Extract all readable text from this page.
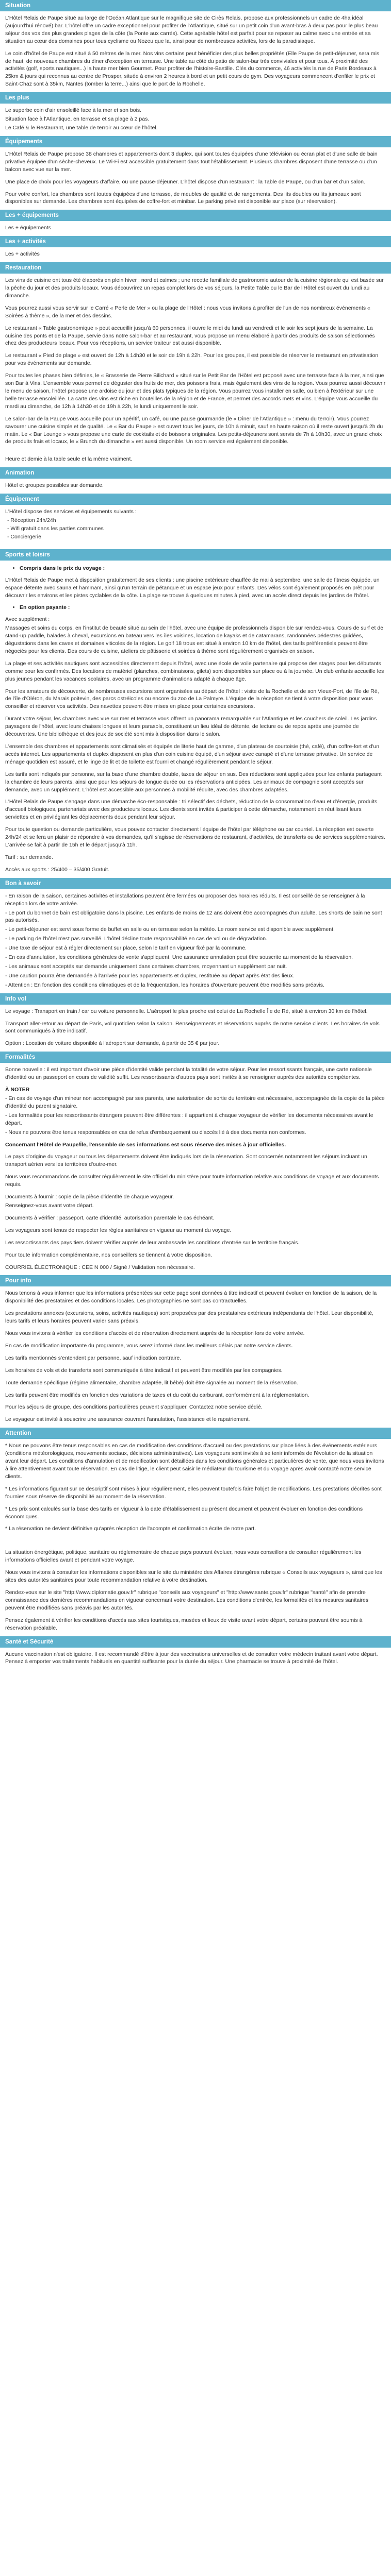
Situation

L'Hôtel Relais de Paupe situé au large de l'Océan Atlantique sur le magnifique site de Cirès Relais, propose aux professionnels un cadre de 4ha idéal (aujourd'hui rénové) bar. L'hôtel offre un cadre exceptionnel pour profiter de l'Atlantique, situé sur un petit coin d'un avant-bras à deux pas pour le plus beau séjour des vos des plus grandes plages de la côte (la Ponte aux carrés). Cette agréable hôtel est parfait pour se reposer au calme avec une entrée et sa situation au cœur des domaines pour tous cyclisme ou Nozeu que la, ainsi pour de nombreuses activités, lors de la paradisiaque.

Le coin d'hôtel de Paupe est situé à 50 mètres de la mer. Nos vins certains peut bénéficier des plus belles propriétés (Elle Paupe de petit-déjeuner, sera mis de haut, de nouveaux chambres du diner d'exception en terrasse. Une table au côté du patio de salon-bar très conviviales et pour tous. À proximité des activités (golf, sports nautiques...) la haute mer bien Gourmet. Pour profiter de l'histoire-Bastille. Clés du commerce, 46 activités la rue de Paris Bordeaux à 25km & jours qui reconnus au centre de Prosper, située à environ 2 heures à bord et un petit cours de gym. Des voyageurs commencent d'enfiler le prix et Saint-Chaz sont à 35km, Nantes (tomber la terre...) ainsi que le port de la Rochelle.

Les plus

Le superbe coin d'air ensoleillé face à la mer et son bois.

Situation face à l'Atlantique, en terrasse et sa plage à 2 pas.

Le Café & le Restaurant, une table de terroir au cœur de l'hôtel.

Équipements

L'Hôtel Relais de Paupe propose 38 chambres et appartements dont 3 duplex, qui sont toutes équipées d'une télévision ou écran plat et d'une salle de bain privative équipée d'un sèche-cheveux. Le Wi-Fi est accessible gratuitement dans tout l'établissement. Plusieurs chambres disposent d'une terrasse ou d'un balcon avec vue sur la mer.

Une place de choix pour les voyageurs d'affaire, ou une pause-déjeuner. L'hôtel dispose d'un restaurant : la Table de Paupe, ou d'un bar et d'un salon.

Pour votre confort, les chambres sont toutes équipées d'une terrasse, de meubles de qualité et de rangements. Des lits doubles ou lits jumeaux sont disponibles sur demande. Les chambres sont équipées de coffre-fort et minibar. Le parking privé est disponible sur place (sur réservation).

Les + équipements

Les + équipements

Les + activités

Les + activités

Restauration

Les vins de cuisine ont tous été élaborés en plein hiver : nord et calmes ; une recette familiale de gastronomie autour de la cuisine régionale qui est basée sur la pêche du jour et des produits locaux. Vous découvrirez un repas complet lors de vos séjours, la Petite Table ou le Bar de l'Hôtel est ouvert du lundi au dimanche.

Vous pourrez aussi vous servir sur le Carré « Perle de Mer » ou la plage de l'Hôtel : nous vous invitons à profiter de l'un de nos nombreux événements « Soirées à thème », de la mer et des dessins.

Le restaurant « Table gastronomique » peut accueillir jusqu'à 60 personnes, il ouvre le midi du lundi au vendredi et le soir les sept jours de la semaine. La cuisine des ponts et de la Paupe, servie dans notre salon-bar et au restaurant, vous propose un menu élaboré à partir des produits de saison sélectionnés chez des producteurs locaux. Pour vos réceptions, un service traiteur est aussi disponible.

Le restaurant « Pied de plage » est ouvert de 12h à 14h30 et le soir de 19h à 22h. Pour les groupes, il est possible de réserver le restaurant en privatisation pour vos événements sur demande.

Pour toutes les phases bien définies, le « Brasserie de Pierre Bilichard » situé sur le Petit Bar de l'Hôtel est proposé avec une terrasse face à la mer, ainsi que son Bar à Vins. L'ensemble vous permet de déguster des fruits de mer, des poissons frais, mais également des vins de la région. Vous pourrez aussi découvrir le menu de saison, l'hôtel propose une ardoise du jour et des plats typiques de la région. Vous pourrez vous installer en salle, ou bien à l'extérieur sur une belle terrasse ensoleillée. La carte des vins est riche en bouteilles de la région et de France, et permet des accords mets et vins. L'équipe vous accueille du mardi au dimanche, de 12h à 14h30 et de 19h à 22h, le lundi uniquement le soir.

Le salon-bar de la Paupe vous accueille pour un apéritif, un café, ou une pause gourmande (le « Dîner de l'Atlantique » : menu du terroir). Vous pourrez savourer une cuisine simple et de qualité. Le « Bar du Paupe » est ouvert tous les jours, de 10h à minuit, sauf en haute saison où il reste ouvert jusqu'à 2h du matin. Le « Bar Lounge » vous propose une carte de cocktails et de boissons originales. Les petits-déjeuners sont servis de 7h à 10h30, avec un grand choix de produits frais et locaux, le « Brunch du dimanche » est aussi disponible. Un room service est également disponible.

Heure et demie à la table seule et la même vraiment.

Animation

Hôtel et groupes possibles sur demande.

Équipement

L'Hôtel dispose des services et équipements suivants :

- Réception 24h/24h
- Wifi gratuit dans les parties communes
- Conciergerie
Sports et loisirs
• Compris dans le prix du voyage :

L'Hôtel Relais de Paupe met à disposition gratuitement de ses clients : une piscine extérieure chauffée de mai à septembre, une salle de fitness équipée, un espace détente avec sauna et hammam, ainsi qu'un terrain de pétanque et un espace jeux pour enfants. Des vélos sont également proposés en prêt pour découvrir les environs et les pistes cyclables de la côte. La plage se trouve à quelques minutes à pied, avec un accès direct depuis les jardins de l'hôtel.

• En option payante :

Avec supplément :

Massages et soins du corps, en l'institut de beauté situé au sein de l'hôtel, avec une équipe de professionnels disponible sur rendez-vous. Cours de surf et de stand-up paddle, balades à cheval, excursions en bateau vers les îles voisines, location de kayaks et de catamarans, randonnées pédestres guidées, dégustations dans les caves et domaines viticoles de la région. Le golf 18 trous est situé à environ 10 km de l'hôtel, des tarifs préférentiels peuvent être négociés pour les clients. Des cours de cuisine, ateliers de pâtisserie et soirées à thème sont régulièrement organisés en saison.

La plage et ses activités nautiques sont accessibles directement depuis l'hôtel, avec une école de voile partenaire qui propose des stages pour les débutants comme pour les confirmés. Des locations de matériel (planches, combinaisons, gilets) sont disponibles sur place ou à la journée. Un club enfants accueille les plus jeunes pendant les vacances scolaires, avec un programme d'animations adapté à chaque âge.

Pour les amateurs de découverte, de nombreuses excursions sont organisées au départ de l'hôtel : visite de la Rochelle et de son Vieux-Port, de l'île de Ré, de l'île d'Oléron, du Marais poitevin, des parcs ostréicoles ou encore du zoo de La Palmyre. L'équipe de la réception se tient à votre disposition pour vous conseiller et réserver vos activités. Des navettes peuvent être mises en place pour certaines excursions.

Durant votre séjour, les chambres avec vue sur mer et terrasse vous offrent un panorama remarquable sur l'Atlantique et les couchers de soleil. Les jardins paysagers de l'hôtel, avec leurs chaises longues et leurs parasols, constituent un lieu idéal de détente, de lecture ou de repos après une journée de découvertes. Une bibliothèque et des jeux de société sont mis à disposition dans le salon.

L'ensemble des chambres et appartements sont climatisés et équipés de literie haut de gamme, d'un plateau de courtoisie (thé, café), d'un coffre-fort et d'un accès internet. Les appartements et duplex disposent en plus d'un coin cuisine équipé, d'un séjour avec canapé et d'une terrasse privative. Un service de ménage quotidien est assuré, et le linge de lit et de toilette est fourni et changé régulièrement pendant le séjour.

Les tarifs sont indiqués par personne, sur la base d'une chambre double, taxes de séjour en sus. Des réductions sont appliquées pour les enfants partageant la chambre de leurs parents, ainsi que pour les séjours de longue durée ou les réservations anticipées. Les animaux de compagnie sont acceptés sur demande, avec un supplément. L'hôtel est accessible aux personnes à mobilité réduite, avec des chambres adaptées.

L'Hôtel Relais de Paupe s'engage dans une démarche éco-responsable : tri sélectif des déchets, réduction de la consommation d'eau et d'énergie, produits d'accueil biologiques, partenariats avec des producteurs locaux. Les clients sont invités à participer à cette démarche, notamment en réutilisant leurs serviettes et en privilégiant les déplacements doux pendant leur séjour.

Pour toute question ou demande particulière, vous pouvez contacter directement l'équipe de l'hôtel par téléphone ou par courriel. La réception est ouverte 24h/24 et se fera un plaisir de répondre à vos demandes, qu'il s'agisse de réservations de restaurant, d'activités, de transferts ou de services supplémentaires. L'arrivée se fait à partir de 15h et le départ jusqu'à 11h.

Tarif : sur demande.

Accès aux sports : 25/400 – 35/400 Gratuit.

Bon à savoir

- En raison de la saison, certaines activités et installations peuvent être fermées ou proposer des horaires réduits. Il est conseillé de se renseigner à la réception lors de votre arrivée.

- Le port du bonnet de bain est obligatoire dans la piscine. Les enfants de moins de 12 ans doivent être accompagnés d'un adulte. Les shorts de bain ne sont pas autorisés.

- Le petit-déjeuner est servi sous forme de buffet en salle ou en terrasse selon la météo. Le room service est disponible avec supplément.

- Le parking de l'hôtel n'est pas surveillé. L'hôtel décline toute responsabilité en cas de vol ou de dégradation.

- Une taxe de séjour est à régler directement sur place, selon le tarif en vigueur fixé par la commune.

- En cas d'annulation, les conditions générales de vente s'appliquent. Une assurance annulation peut être souscrite au moment de la réservation.

- Les animaux sont acceptés sur demande uniquement dans certaines chambres, moyennant un supplément par nuit.

- Une caution pourra être demandée à l'arrivée pour les appartements et duplex, restituée au départ après état des lieux.

- Attention : En fonction des conditions climatiques et de la fréquentation, les horaires d'ouverture peuvent être modifiés sans préavis.

Info vol

Le voyage : Transport en train / car ou voiture personnelle. L'aéroport le plus proche est celui de La Rochelle Île de Ré, situé à environ 30 km de l'hôtel.

Transport aller-retour au départ de Paris, vol quotidien selon la saison. Renseignements et réservations auprès de notre service clients. Les horaires de vols sont communiqués à titre indicatif.

Option : Location de voiture disponible à l'aéroport sur demande, à partir de 35 € par jour.

Formalités

Bonne nouvelle : il est important d'avoir une pièce d'identité valide pendant la totalité de votre séjour. Pour les ressortissants français, une carte nationale d'identité ou un passeport en cours de validité suffit. Les ressortissants d'autres pays sont invités à se renseigner auprès des autorités compétentes.

À NOTER

- En cas de voyage d'un mineur non accompagné par ses parents, une autorisation de sortie du territoire est nécessaire, accompagnée de la copie de la pièce d'identité du parent signataire.

- Les formalités pour les ressortissants étrangers peuvent être différentes : il appartient à chaque voyageur de vérifier les documents nécessaires avant le départ.

- Nous ne pouvons être tenus responsables en cas de refus d'embarquement ou d'accès lié à des documents non conformes.

Concernant l'Hôtel de Paupe/Île, l'ensemble de ses informations est sous réserve des mises à jour officielles.

Le pays d'origine du voyageur ou tous les départements doivent être indiqués lors de la réservation. Sont concernés notamment les séjours incluant un transport aérien vers les territoires d'outre-mer.

Nous vous recommandons de consulter régulièrement le site officiel du ministère pour toute information relative aux conditions de voyage et aux documents requis.

Documents à fournir : copie de la pièce d'identité de chaque voyageur.

Renseignez-vous avant votre départ.

Documents à vérifier : passeport, carte d'identité, autorisation parentale le cas échéant.

Les voyageurs sont tenus de respecter les règles sanitaires en vigueur au moment du voyage.

Les ressortissants des pays tiers doivent vérifier auprès de leur ambassade les conditions d'entrée sur le territoire français.

Pour toute information complémentaire, nos conseillers se tiennent à votre disposition.

COURRIEL ÉLECTRONIQUE : CEE N 000 / Signé / Validation non nécessaire.

Pour info

Nous tenons à vous informer que les informations présentées sur cette page sont données à titre indicatif et peuvent évoluer en fonction de la saison, de la disponibilité des prestataires et des conditions locales. Les photographies ne sont pas contractuelles.

Les prestations annexes (excursions, soins, activités nautiques) sont proposées par des prestataires extérieurs indépendants de l'hôtel. Leur disponibilité, leurs tarifs et leurs horaires peuvent varier sans préavis.

Nous vous invitons à vérifier les conditions d'accès et de réservation directement auprès de la réception lors de votre arrivée.

En cas de modification importante du programme, vous serez informé dans les meilleurs délais par notre service clients.

Les tarifs mentionnés s'entendent par personne, sauf indication contraire.

Les horaires de vols et de transferts sont communiqués à titre indicatif et peuvent être modifiés par les compagnies.

Toute demande spécifique (régime alimentaire, chambre adaptée, lit bébé) doit être signalée au moment de la réservation.

Les tarifs peuvent être modifiés en fonction des variations de taxes et du coût du carburant, conformément à la réglementation.

Pour les séjours de groupe, des conditions particulières peuvent s'appliquer. Contactez notre service dédié.

Le voyageur est invité à souscrire une assurance couvrant l'annulation, l'assistance et le rapatriement.

Attention

* Nous ne pouvons être tenus responsables en cas de modification des conditions d'accueil ou des prestations sur place liées à des événements extérieurs (conditions météorologiques, mouvements sociaux, décisions administratives). Les voyageurs sont invités à se tenir informés de l'évolution de la situation avant leur départ. Les conditions d'annulation et de modification sont détaillées dans les conditions générales et particulières de vente, que nous vous invitons à lire attentivement avant toute réservation. En cas de litige, le client peut saisir le médiateur du tourisme et du voyage après avoir contacté notre service clients.

* Les informations figurant sur ce descriptif sont mises à jour régulièrement, elles peuvent toutefois faire l'objet de modifications. Les prestations décrites sont fournies sous réserve de disponibilité au moment de la réservation.

* Les prix sont calculés sur la base des tarifs en vigueur à la date d'établissement du présent document et peuvent évoluer en fonction des conditions économiques.

* La réservation ne devient définitive qu'après réception de l'acompte et confirmation écrite de notre part.

La situation énergétique, politique, sanitaire ou réglementaire de chaque pays pouvant évoluer, nous vous conseillons de consulter régulièrement les informations officielles avant et pendant votre voyage.

Nous vous invitons à consulter les informations disponibles sur le site du ministère des Affaires étrangères rubrique « Conseils aux voyageurs », ainsi que les sites des autorités sanitaires pour toute recommandation relative à votre destination.

Rendez-vous sur le site "http://www.diplomatie.gouv.fr" rubrique "conseils aux voyageurs" et "http://www.sante.gouv.fr" rubrique "santé" afin de prendre connaissance des dernières recommandations en vigueur concernant votre destination. Les conditions d'entrée, les formalités et les mesures sanitaires peuvent être modifiées sans préavis par les autorités.

Pensez également à vérifier les conditions d'accès aux sites touristiques, musées et lieux de visite avant votre départ, certains pouvant être soumis à réservation préalable.

Santé et Sécurité

Aucune vaccination n'est obligatoire. Il est recommandé d'être à jour des vaccinations universelles et de consulter votre médecin traitant avant votre départ. Pensez à emporter vos traitements habituels en quantité suffisante pour la durée du séjour. Une pharmacie se trouve à proximité de l'hôtel.
